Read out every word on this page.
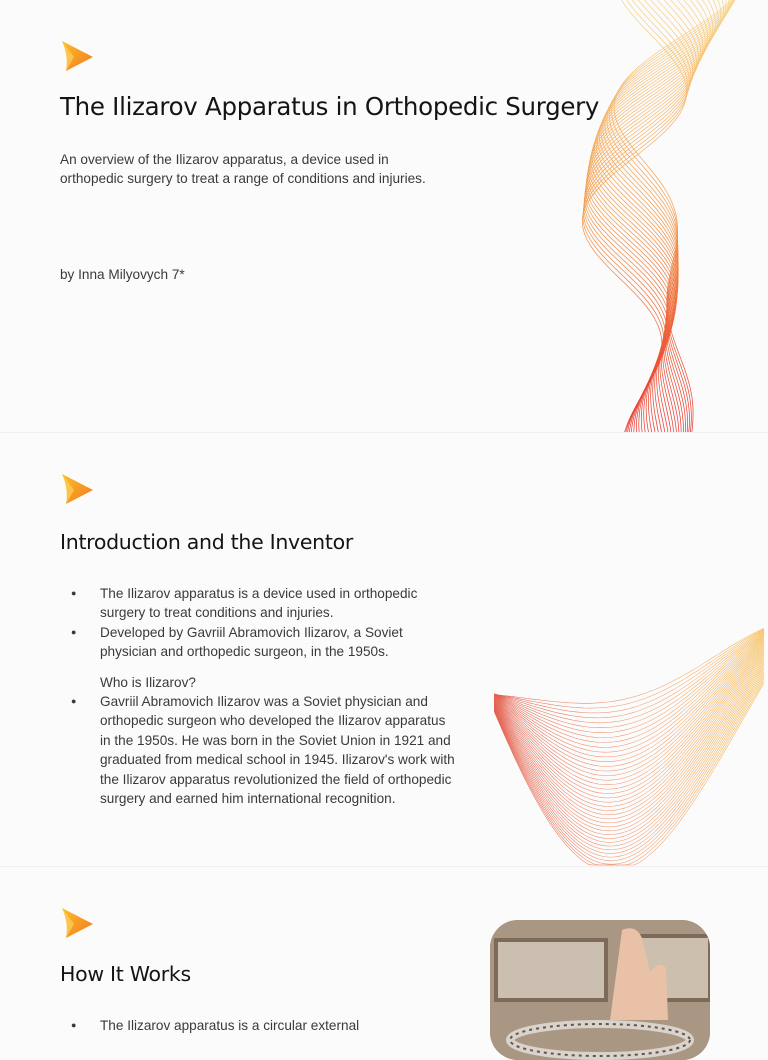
The Ilizarov Apparatus in Orthopedic Surgery

An overview of the Ilizarov apparatus, a device used in
orthopedic surgery to treat a range of conditions and injuries.

by Inna Milyovych 7*

Introduction and the Inventor
● The Ilizarov apparatus is a device used in orthopedic
surgery to treat conditions and injuries.
● Developed by Gavriil Abramovich Ilizarov, a Soviet
physician and orthopedic surgeon, in the 1950s.
Who is Ilizarov?
● Gavriil Abramovich Ilizarov was a Soviet physician and
orthopedic surgeon who developed the Ilizarov apparatus
in the 1950s. He was born in the Soviet Union in 1921 and
graduated from medical school in 1945. Ilizarov's work with
the Ilizarov apparatus revolutionized the field of orthopedic
surgery and earned him international recognition.
How It Works
● The Ilizarov apparatus is a circular external
